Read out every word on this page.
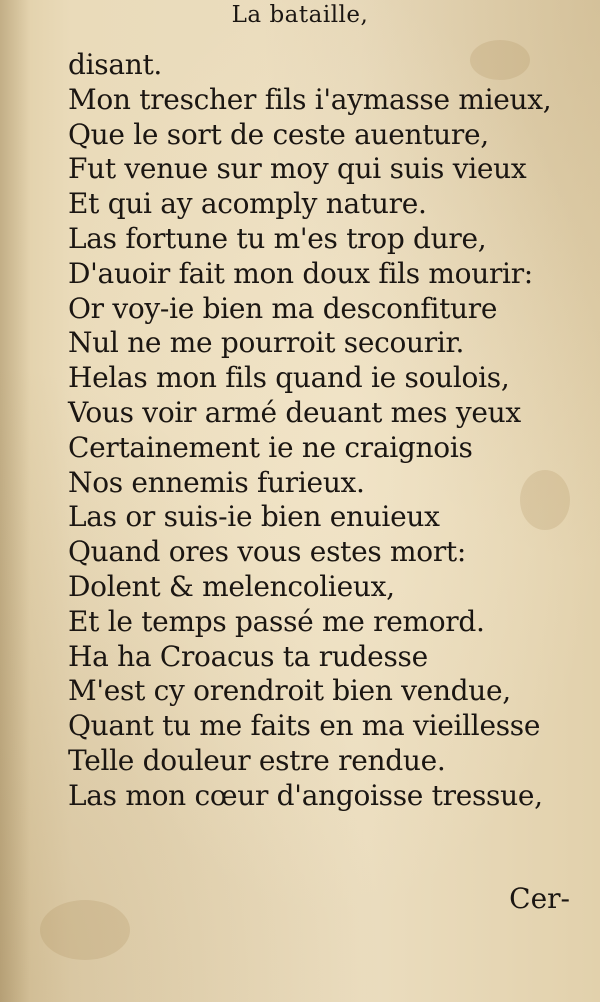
La bataille,
disant.
Mon trescher fils i'aymasse mieux,
Que le sort de ceste auenture,
Fut venue sur moy qui suis vieux
Et qui ay acomply nature.
Las fortune tu m'es trop dure,
D'auoir fait mon doux fils mourir:
Or voy-ie bien ma desconfiture
Nul ne me pourroit secourir.
Helas mon fils quand ie soulois,
Vous voir armé deuant mes yeux
Certainement ie ne craignois
Nos ennemis furieux.
Las or suis-ie bien enuieux
Quand ores vous estes mort:
Dolent & melencolieux,
Et le temps passé me remord.
Ha ha Croacus ta rudesse
M'est cy orendroit bien vendue,
Quant tu me faits en ma vieillesse
Telle douleur estre rendue.
Las mon cœur d'angoisse tressue,
Cer-
